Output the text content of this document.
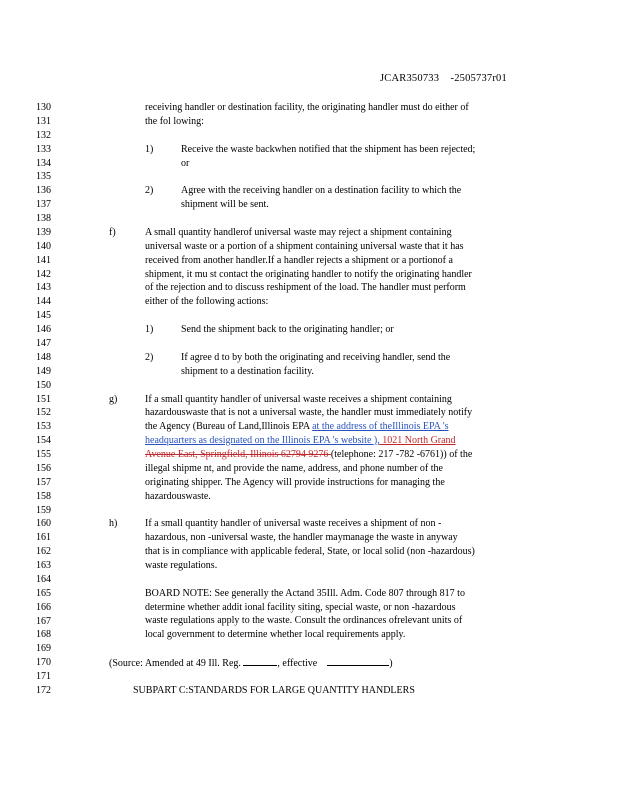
JCAR350733 -2505737r01
130
131
132
133
134
135
136
137
138
139
140
141
142
143
144
145
146
147
148
149
150
151
152
153
154
155
156
157
158
159
160
161
162
163
164
165
166
167
168
169
170
171
172
receiving handler or destination facility, the originating handler must do either of
the fol lowing:
1)	Receive the waste backwhen notified that the shipment has been rejected;
or
2)	Agree with the receiving handler on a destination facility to which the
shipment will be sent.
f)	A small quantity handlerof universal waste may reject a shipment containing
universal waste or a portion of a shipment containing universal waste that it has
received from another handler.If a handler rejects a shipment or a portionof a
shipment, it mu st contact the originating handler to notify the originating handler
of the rejection and to discuss reshipment of the load. The handler must perform
either of the following actions:
1)	Send the shipment back to the originating handler; or
2)	If agree d to by both the originating and receiving handler, send the
shipment to a destination facility.
g)	If a small quantity handler of universal waste receives a shipment containing
hazardouswaste that is not a universal waste, the handler must immediately notify
the Agency (Bureau of Land,Illinois EPA at the address of theIllinois EPA 's
headquarters as designated on the Illinois EPA 's website ), 1021 North Grand
Avenue East, Springfield, Illinois 62794 9276 (telephone: 217 -782 -6761)) of the
illegal shipme nt, and provide the name, address, and phone number of the
originating shipper. The Agency will provide instructions for managing the
hazardouswaste.
h)	If a small quantity handler of universal waste receives a shipment of non -
hazardous, non -universal waste, the handler maymanage the waste in anyway
that is in compliance with applicable federal, State, or local solid (non -hazardous)
waste regulations.
BOARD NOTE: See generally the Actand 35Ill. Adm. Code 807 through 817 to
determine whether addit ional facility siting, special waste, or non -hazardous
waste regulations apply to the waste. Consult the ordinances ofrelevant units of
local government to determine whether local requirements apply.
(Source: Amended at 49 Ill. Reg.	, effective	)
SUBPART C:STANDARDS FOR LARGE QUANTITY HANDLERS
